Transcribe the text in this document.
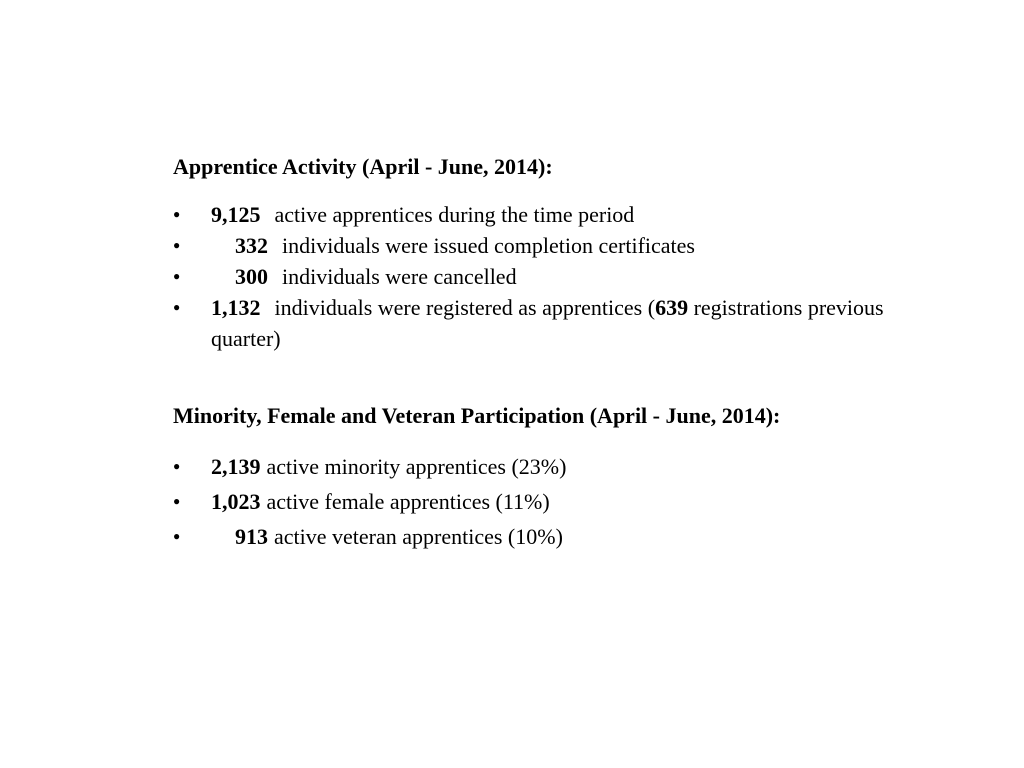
Apprentice Activity (April - June, 2014):
● 9,125 active apprentices during the time period
● 332 individuals were issued completion certificates
● 300 individuals were cancelled
● 1,132 individuals were registered as apprentices (639 registrations previous quarter)
Minority, Female and Veteran Participation (April - June, 2014):
● 2,139 active minority apprentices (23%)
● 1,023 active female apprentices (11%)
● 913 active veteran apprentices (10%)
